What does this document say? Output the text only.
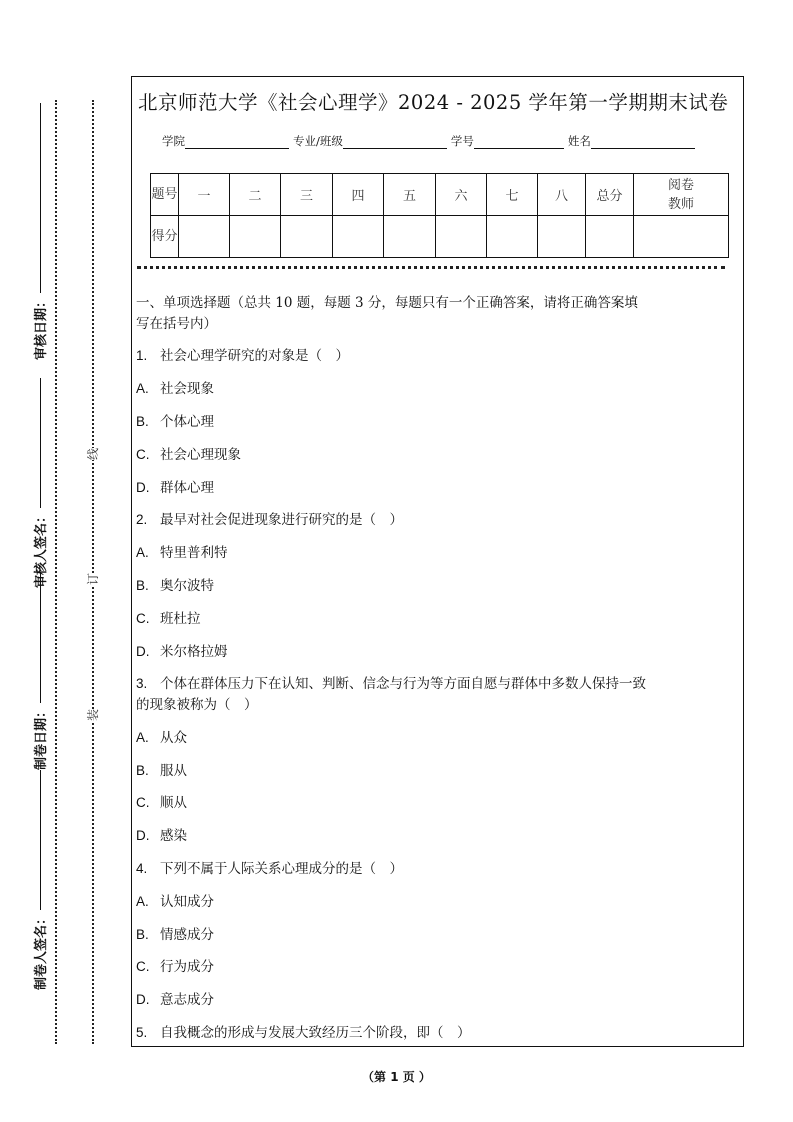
审核日期：
审核人签名：
制卷日期：
制卷人签名：
线
订
装
北京师范大学《社会心理学》2024 - 2025 学年第一学期期末试卷
学院	专业/班级	学号	姓名
题号	一	二	三	四	五	六	七	八	总分	阅卷
教师

得分										
一、单项选择题（总共 10 题，每题 3 分，每题只有一个正确答案，请将正确答案填
写在括号内）
1. 社会心理学研究的对象是（　）
A. 社会现象
B. 个体心理
C. 社会心理现象
D. 群体心理
2. 最早对社会促进现象进行研究的是（　）
A. 特里普利特
B. 奥尔波特
C. 班杜拉
D. 米尔格拉姆
3. 个体在群体压力下在认知、判断、信念与行为等方面自愿与群体中多数人保持一致
的现象被称为（　）
A. 从众
B. 服从
C. 顺从
D. 感染
4. 下列不属于人际关系心理成分的是（　）
A. 认知成分
B. 情感成分
C. 行为成分
D. 意志成分
5. 自我概念的形成与发展大致经历三个阶段，即（　）
（第 1 页 ）
